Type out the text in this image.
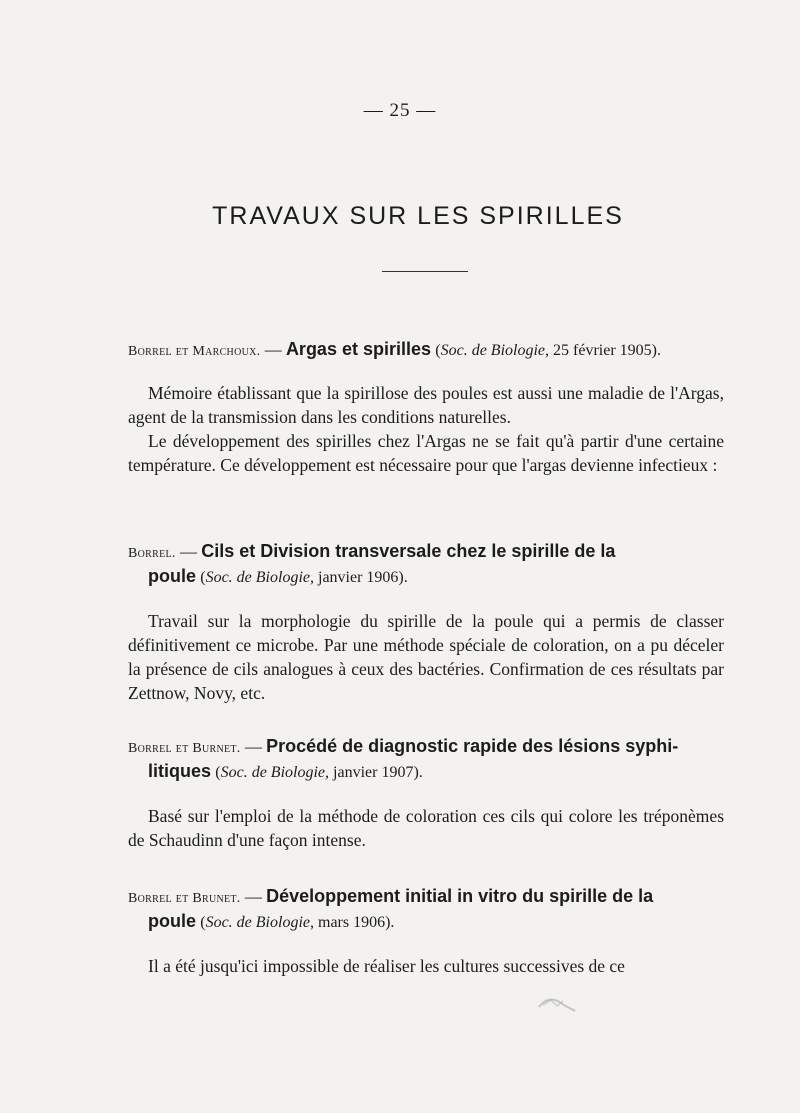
— 25 —
TRAVAUX SUR LES SPIRILLES

Borrel et Marchoux. — Argas et spirilles (Soc. de Biologie, 25 février 1905).

Mémoire établissant que la spirillose des poules est aussi une maladie de l'Argas, agent de la transmission dans les conditions naturelles.
Le développement des spirilles chez l'Argas ne se fait qu'à partir d'une certaine température. Ce développement est nécessaire pour que l'argas devienne infectieux :

Borrel. — Cils et Division transversale chez le spirille de la

poule (Soc. de Biologie, janvier 1906).

Travail sur la morphologie du spirille de la poule qui a permis de classer définitivement ce microbe. Par une méthode spéciale de coloration, on a pu déceler la présence de cils analogues à ceux des bactéries. Confirmation de ces résultats par Zettnow, Novy, etc.

Borrel et Burnet. — Procédé de diagnostic rapide des lésions syphi-

litiques (Soc. de Biologie, janvier 1907).

Basé sur l'emploi de la méthode de coloration ces cils qui colore les tréponèmes de Schaudinn d'une façon intense.

Borrel et Brunet. — Développement initial in vitro du spirille de la

poule (Soc. de Biologie, mars 1906).

Il a été jusqu'ici impossible de réaliser les cultures successives de ce
